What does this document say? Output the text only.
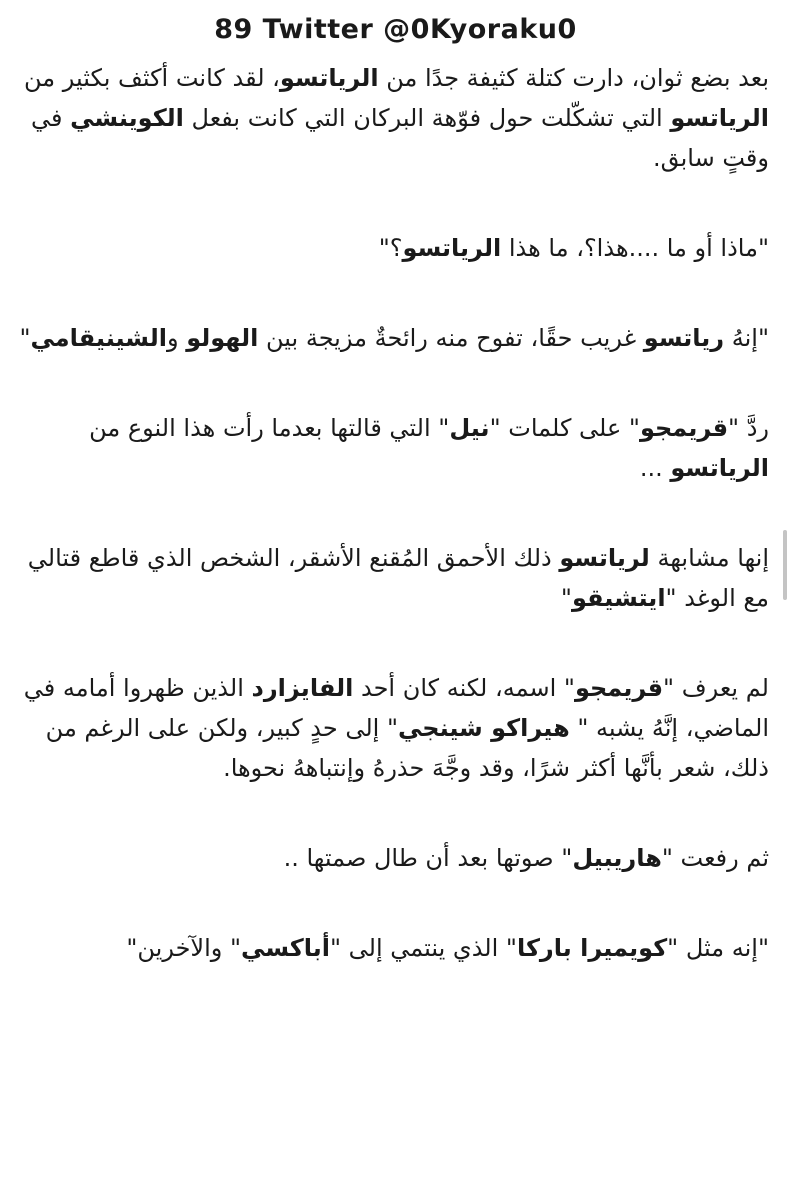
89 Twitter @0Kyoraku0

بعد بضع ثوان، دارت كتلة كثيفة جدًا من الرياتسو، لقد كانت أكثف بكثير من الرياتسو التي تشكّلت حول فوّهة البركان التي كانت بفعل الكوينشي في وقتٍ سابق.

"ماذا أو ما ....هذا؟، ما هذا الرياتسو؟"

"إنهُ رياتسو غريب حقًا، تفوح منه رائحةٌ مزيجة بين الهولو والشينيقامي"

ردَّ "قريمجو" على كلمات "نيل" التي قالتها بعدما رأت هذا النوع من الرياتسو ...

إنها مشابهة لرياتسو ذلك الأحمق المُقنع الأشقر، الشخص الذي قاطع قتالي مع الوغد "ايتشيقو"

لم يعرف "قريمجو" اسمه، لكنه كان أحد الفايزارد الذين ظهروا أمامه في الماضي، إنَّهُ يشبه " هيراكو شينجي" إلى حدٍ كبير، ولكن على الرغم من ذلك، شعر بأنَّها أكثر شرًا، وقد وجَّهَ حذرهُ وإنتباههُ نحوها.

ثم رفعت "هاريبيل" صوتها بعد أن طال صمتها ..

"إنه مثل "كويميرا باركا" الذي ينتمي إلى "أباكسي" والآخرين"
